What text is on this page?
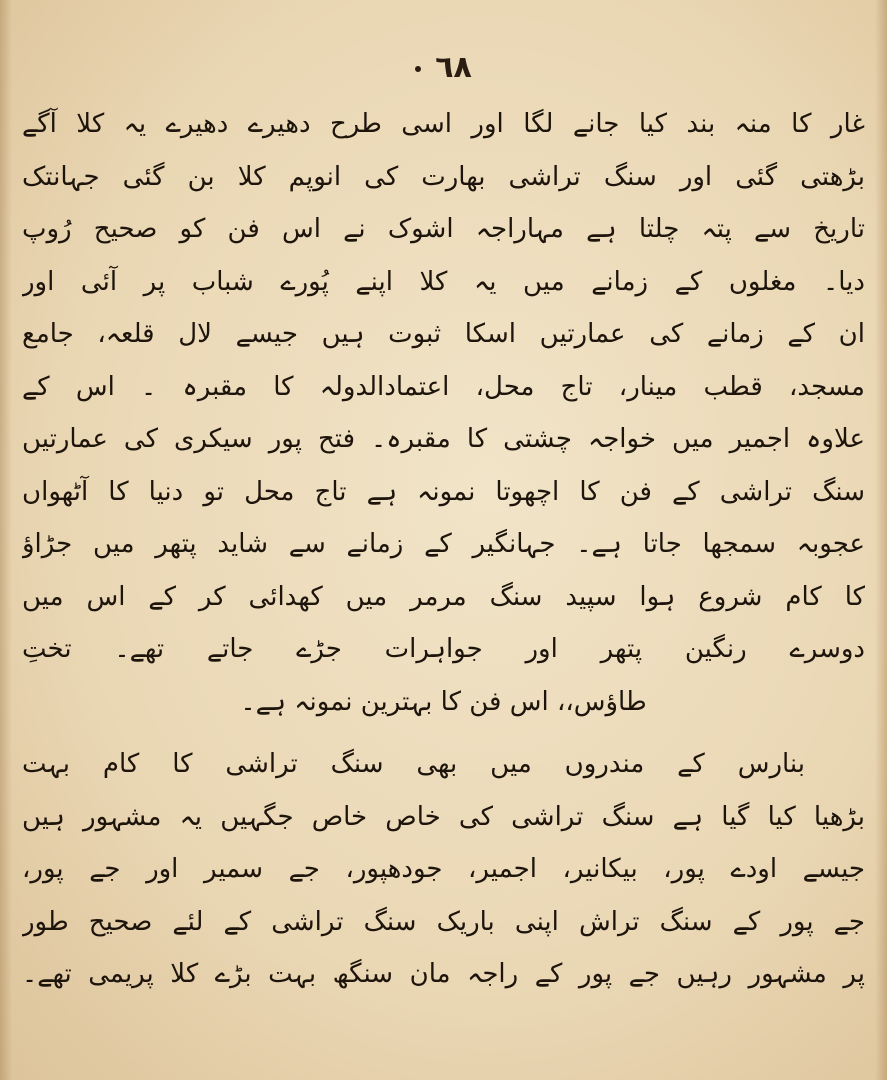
٦٨
غار کا منہ بند کیا جانے لگا اور اسی طرح دھیرے دھیرے یہ کلا آگے
بڑھتی گئی اور سنگ تراشی بھارت کی انوپم کلا بن گئی جہانتک
تاریخ سے پتہ چلتا ہے مہاراجہ اشوک نے اس فن کو صحیح رُوپ
دیا۔ مغلوں کے زمانے میں یہ کلا اپنے پُورے شباب پر آئی اور
ان کے زمانے کی عمارتیں اسکا ثبوت ہیں جیسے لال قلعہ، جامع
مسجد، قطب مینار، تاج محل، اعتمادالدولہ کا مقبرہ ۔ اس کے
علاوہ اجمیر میں خواجہ چشتی کا مقبرہ۔ فتح پور سیکری کی عمارتیں
سنگ تراشی کے فن کا اچھوتا نمونہ ہے تاج محل تو دنیا کا آٹھواں
عجوبہ سمجھا جاتا ہے۔ جہانگیر کے زمانے سے شاید پتھر میں جڑاؤ
کا کام شروع ہوا سپید سنگ مرمر میں کھدائی کر کے اس میں
دوسرے رنگین پتھر اور جواہرات جڑے جاتے تھے۔ تختِ
طاؤس،، اس فن کا بہترین نمونہ ہے۔
بنارس کے مندروں میں بھی سنگ تراشی کا کام بہت
بڑھیا کیا گیا ہے سنگ تراشی کی خاص خاص جگہیں یہ مشہور ہیں
جیسے اودے پور، بیکانیر، اجمیر، جودھپور، جے سمیر اور جے پور،
جے پور کے سنگ تراش اپنی باریک سنگ تراشی کے لئے صحیح طور
پر مشہور رہیں جے پور کے راجہ مان سنگھ بہت بڑے کلا پریمی تھے۔
